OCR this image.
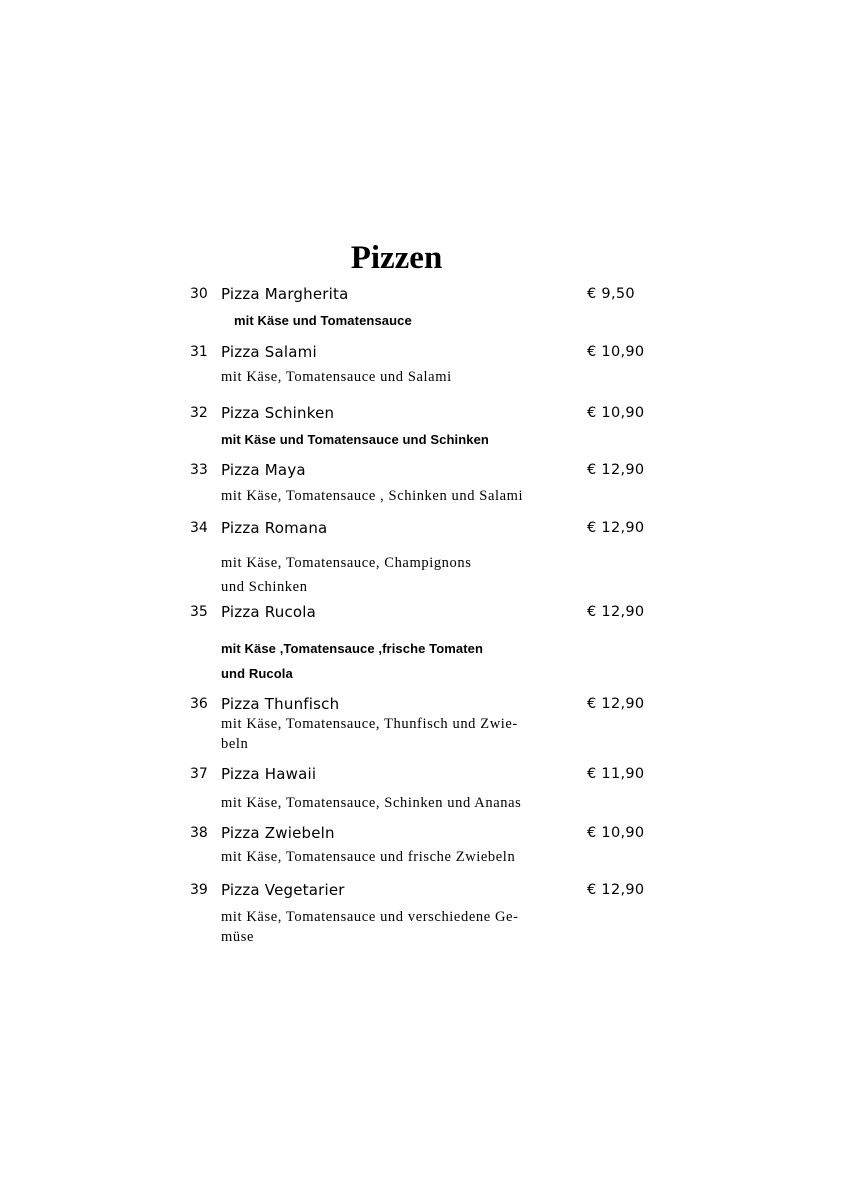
Pizzen
30 Pizza Margherita	€ 9,50
mit Käse und Tomatensauce
31 Pizza Salami	€ 10,90
mit Käse, Tomatensauce und Salami
32 Pizza Schinken	€ 10,90
mit Käse und Tomatensauce und Schinken
33 Pizza Maya	€ 12,90
mit Käse, Tomatensauce , Schinken und Salami
34 Pizza Romana	€ 12,90
mit Käse, Tomatensauce, Champignons
und Schinken
35 Pizza Rucola	€ 12,90
mit Käse ,Tomatensauce ,frische Tomaten
und Rucola
36 Pizza Thunfisch	€ 12,90
mit Käse, Tomatensauce, Thunfisch und Zwie-
beln
37 Pizza Hawaii	€ 11,90
mit Käse, Tomatensauce, Schinken und Ananas
38 Pizza Zwiebeln	€ 10,90
mit Käse, Tomatensauce und frische Zwiebeln
39 Pizza Vegetarier	€ 12,90
mit Käse, Tomatensauce und verschiedene Ge-
müse
